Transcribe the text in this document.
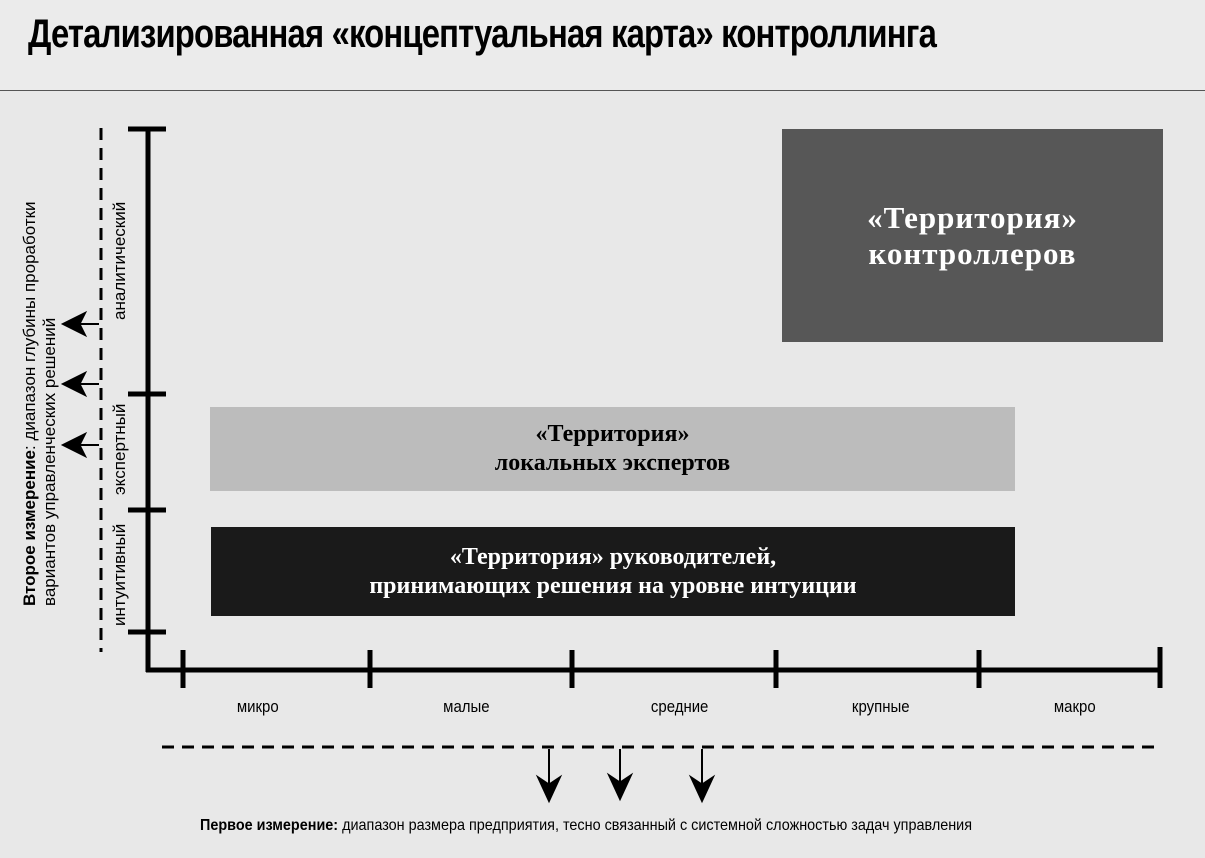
Детализированная «концептуальная карта» контроллинга
«Территория»
контроллеров
«Территория»
локальных экспертов
«Территория» руководителей,
принимающих решения на уровне интуиции
микро	малые	средние	крупные	макро
интуитивный
экспертный
аналитический
Второе измерение: диапазон глубины проработки вариантов управленческих решений
Первое измерение: диапазон размера предприятия, тесно связанный с системной сложностью задач управления
